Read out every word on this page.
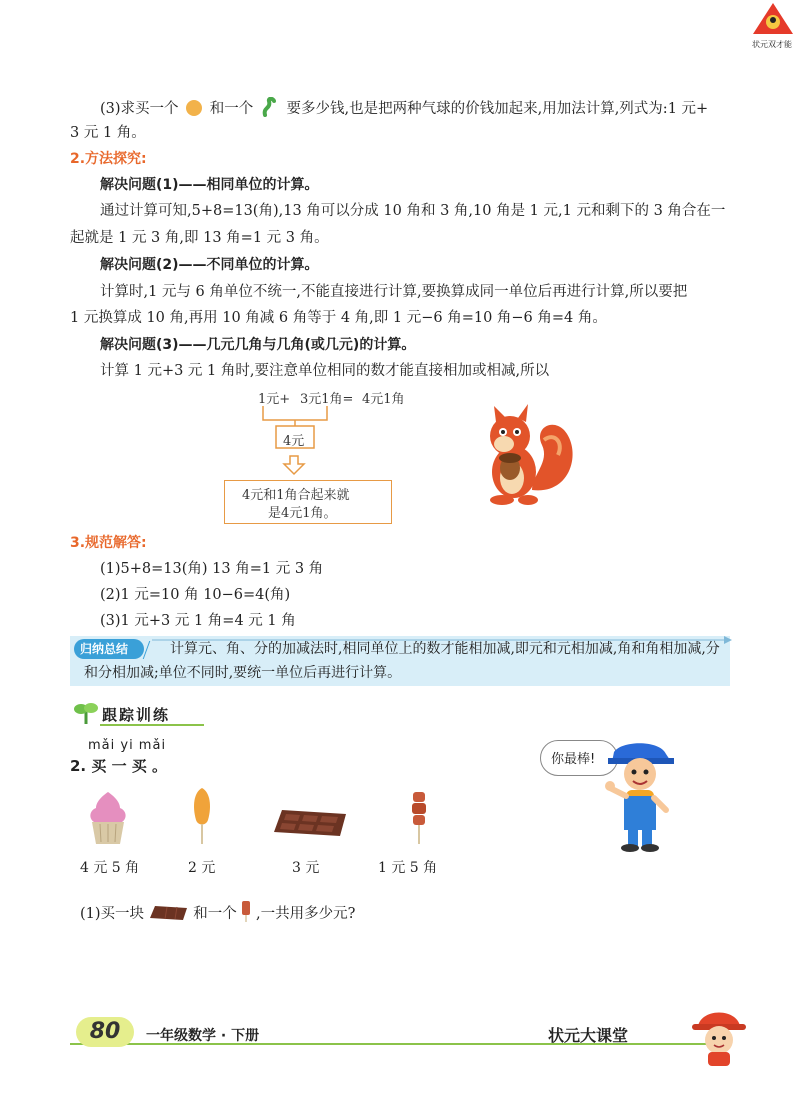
状元双才能
(3)求买一个 和一个 要多少钱,也是把两种气球的价钱加起来,用加法计算,列式为:1 元+
3 元 1 角。
2.方法探究:
解决问题(1)——相同单位的计算。
通过计算可知,5+8=13(角),13 角可以分成 10 角和 3 角,10 角是 1 元,1 元和剩下的 3 角合在一
起就是 1 元 3 角,即 13 角=1 元 3 角。
解决问题(2)——不同单位的计算。
计算时,1 元与 6 角单位不统一,不能直接进行计算,要换算成同一单位后再进行计算,所以要把
1 元换算成 10 角,再用 10 角减 6 角等于 4 角,即 1 元−6 角=10 角−6 角=4 角。
解决问题(3)——几元几角与几角(或几元)的计算。
计算 1 元+3 元 1 角时,要注意单位相同的数才能直接相加或相减,所以
1元+ 3元1角= 4元1角
4元
4元和1角合起来就
是4元1角。
3.规范解答:
(1)5+8=13(角) 13 角=1 元 3 角
(2)1 元=10 角 10−6=4(角)
(3)1 元+3 元 1 角=4 元 1 角
归纳总结	计算元、角、分的加减法时,相同单位上的数才能相加减,即元和元相加减,角和角相加减,分和分相加减;单位不同时,要统一单位后再进行计算。
跟踪训练
mǎi yi mǎi
2. 买 一 买 。	你最棒!
4 元 5 角	2 元	3 元	1 元 5 角
(1)买一块	和一个 ,一共用多少元?
80	一年级数学 · 下册	状元大课堂
